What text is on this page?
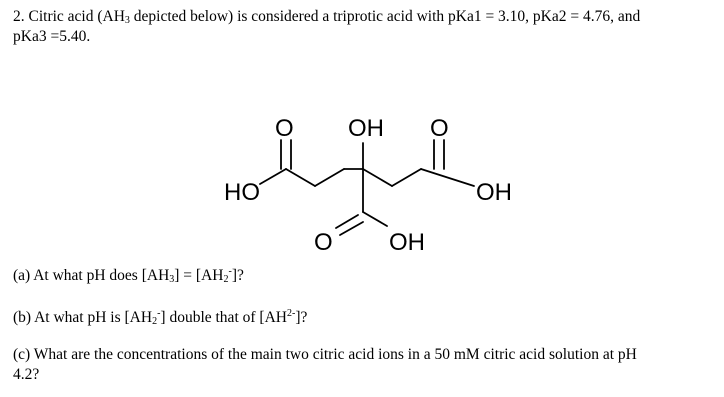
2. Citric acid ($AH_3$ depicted below) is considered a triprotic acid with pKa1 = 3.10, pKa2 = 4.76, and
pKa3 =5.40.
O OH O
HO	OH
O OH
(a) At what pH does $[AH_3] = [AH_2^-]$?
(b) At what pH is $[AH_2^-]$ double that of $[AH^{2-}]$?
(c) What are the concentrations of the main two citric acid ions in a 50 mM citric acid solution at pH
4.2?
